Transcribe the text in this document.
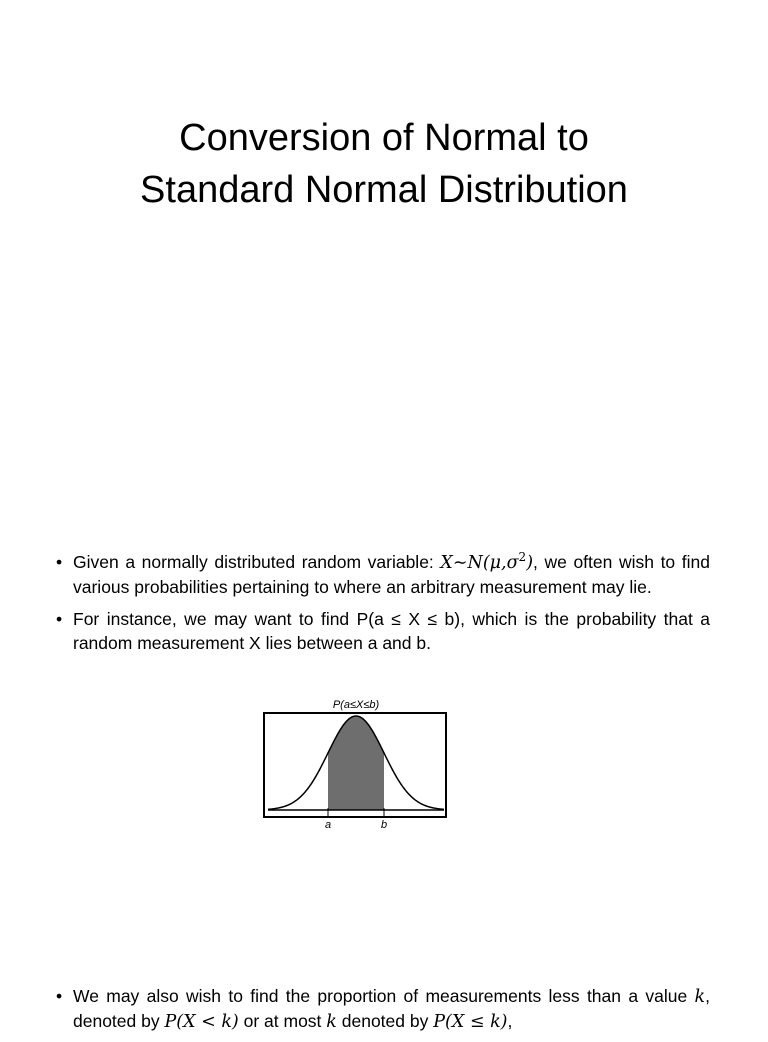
Conversion of Normal to
Standard Normal Distribution
• Given a normally distributed random variable: $X\sim N(\mu,\sigma^2)$, we often wish to find various probabilities pertaining to where an arbitrary measurement may lie.
• For instance, we may want to find P(a ≤ X ≤ b), which is the probability that a random measurement X lies between a and b.
P(a≤X≤b)
a	b
• We may also wish to find the proportion of measurements less than a value k, denoted by P(X < k) or at most k denoted by P(X ≤ k),
